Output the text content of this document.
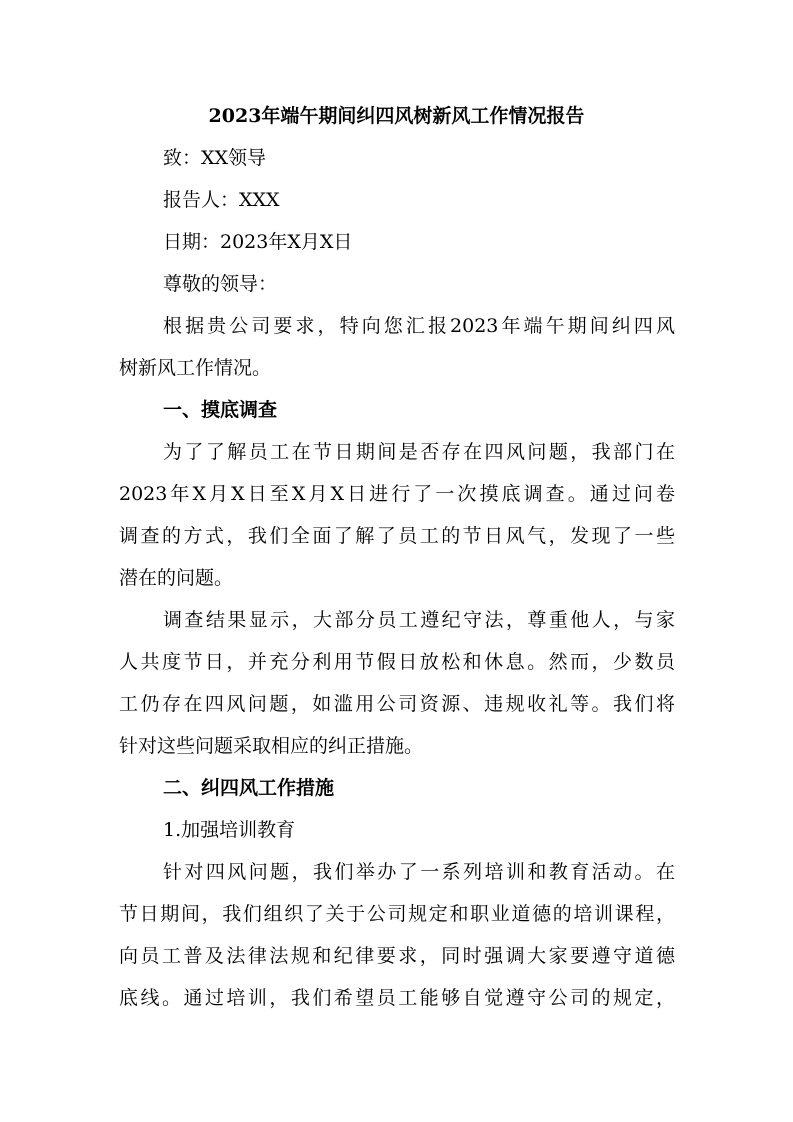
2023年端午期间纠四风树新风工作情况报告
致：XX领导
报告人：XXX
日期：2023年X月X日
尊敬的领导：
根据贵公司要求，特向您汇报2023年端午期间纠四风
树新风工作情况。
一、摸底调查
为了了解员工在节日期间是否存在四风问题，我部门在
2023年X月X日至X月X日进行了一次摸底调查。通过问卷
调查的方式，我们全面了解了员工的节日风气，发现了一些
潜在的问题。
调查结果显示，大部分员工遵纪守法，尊重他人，与家
人共度节日，并充分利用节假日放松和休息。然而，少数员
工仍存在四风问题，如滥用公司资源、违规收礼等。我们将
针对这些问题采取相应的纠正措施。
二、纠四风工作措施
1.加强培训教育
针对四风问题，我们举办了一系列培训和教育活动。在
节日期间，我们组织了关于公司规定和职业道德的培训课程，
向员工普及法律法规和纪律要求，同时强调大家要遵守道德
底线。通过培训，我们希望员工能够自觉遵守公司的规定，
